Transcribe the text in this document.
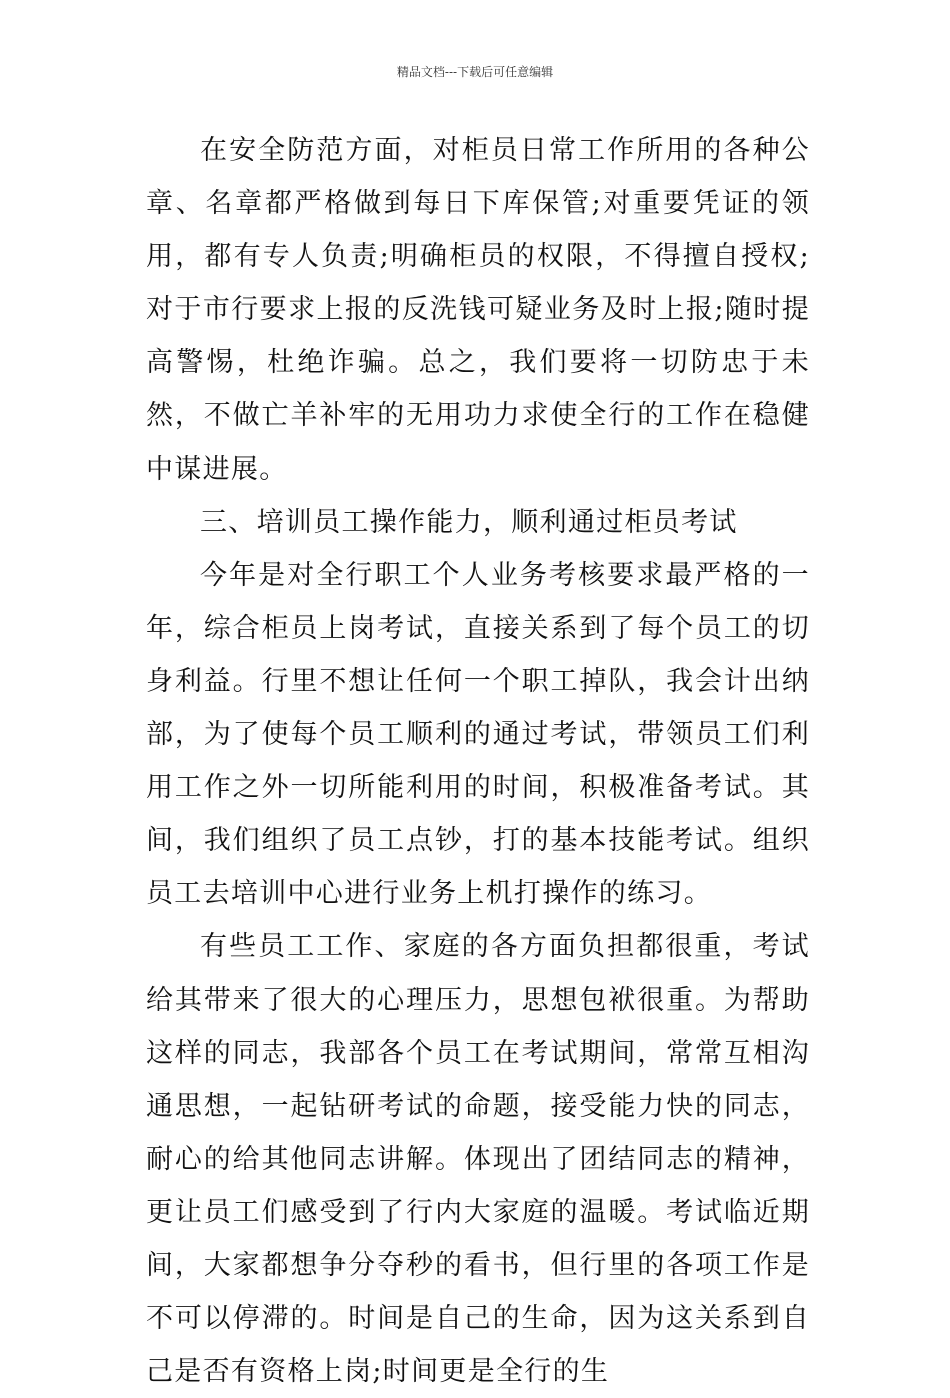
精品文档---下载后可任意编辑

在安全防范方面，对柜员日常工作所用的各种公章、名章都严格做到每日下库保管;对重要凭证的领用，都有专人负责;明确柜员的权限，不得擅自授权;对于市行要求上报的反洗钱可疑业务及时上报;随时提高警惕，杜绝诈骗。总之，我们要将一切防忠于未然，不做亡羊补牢的无用功力求使全行的工作在稳健中谋进展。

三、培训员工操作能力，顺利通过柜员考试

今年是对全行职工个人业务考核要求最严格的一年，综合柜员上岗考试，直接关系到了每个员工的切身利益。行里不想让任何一个职工掉队，我会计出纳部，为了使每个员工顺利的通过考试，带领员工们利用工作之外一切所能利用的时间，积极准备考试。其间，我们组织了员工点钞，打的基本技能考试。组织员工去培训中心进行业务上机打操作的练习。

有些员工工作、家庭的各方面负担都很重，考试给其带来了很大的心理压力，思想包袱很重。为帮助这样的同志，我部各个员工在考试期间，常常互相沟通思想，一起钻研考试的命题，接受能力快的同志，耐心的给其他同志讲解。体现出了团结同志的精神，更让员工们感受到了行内大家庭的温暖。考试临近期间，大家都想争分夺秒的看书，但行里的各项工作是不可以停滞的。时间是自己的生命，因为这关系到自己是否有资格上岗;时间更是全行的生
